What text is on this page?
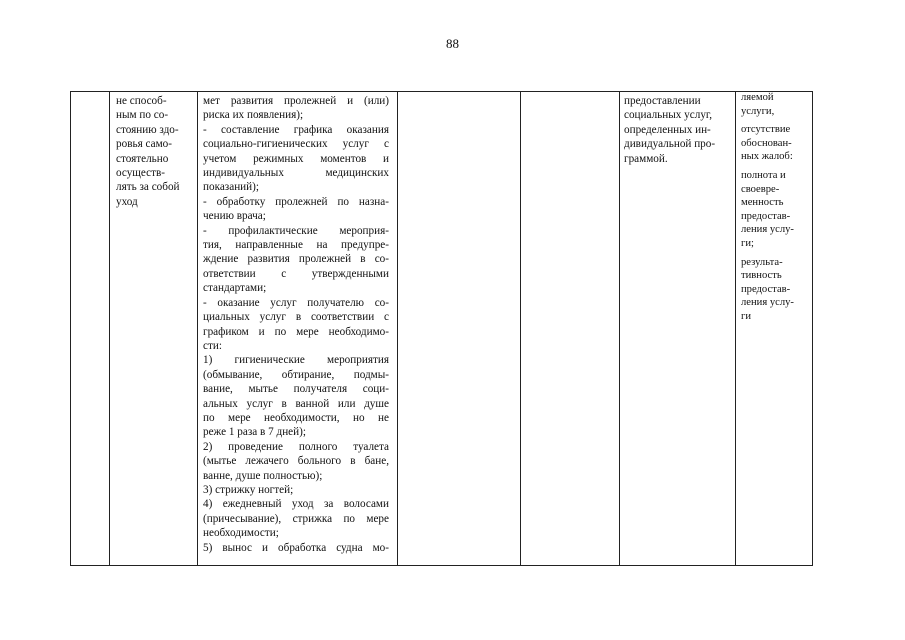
88
не способ-
ным по со-
стоянию здо-
ровья само-
стоятельно
осуществ-
лять за собой
уход
мет развития пролежней и (или)
риска их появления);
- составление графика оказания
социально-гигиенических услуг с
учетом режимных моментов и
индивидуальных медицинских
показаний);
- обработку пролежней по назна-
чению врача;
- профилактические мероприя-
тия, направленные на предупре-
ждение развития пролежней в со-
ответствии с утвержденными
стандартами;
- оказание услуг получателю со-
циальных услуг в соответствии с
графиком и по мере необходимо-
сти:
1) гигиенические мероприятия
(обмывание, обтирание, подмы-
вание, мытье получателя соци-
альных услуг в ванной или душе
по мере необходимости, но не
реже 1 раза в 7 дней);
2) проведение полного туалета
(мытье лежачего больного в бане,
ванне, душе полностью);
3) стрижку ногтей;
4) ежедневный уход за волосами
(причесывание), стрижка по мере
необходимости;
5) вынос и обработка судна мо-
предоставлении
социальных услуг,
определенных ин-
дивидуальной про-
граммой.
ляемой
услуги,
отсутствие
обоснован-
ных жалоб:
полнота и
своевре-
менность
предостав-
ления услу-
ги;
результа-
тивность
предостав-
ления услу-
ги
